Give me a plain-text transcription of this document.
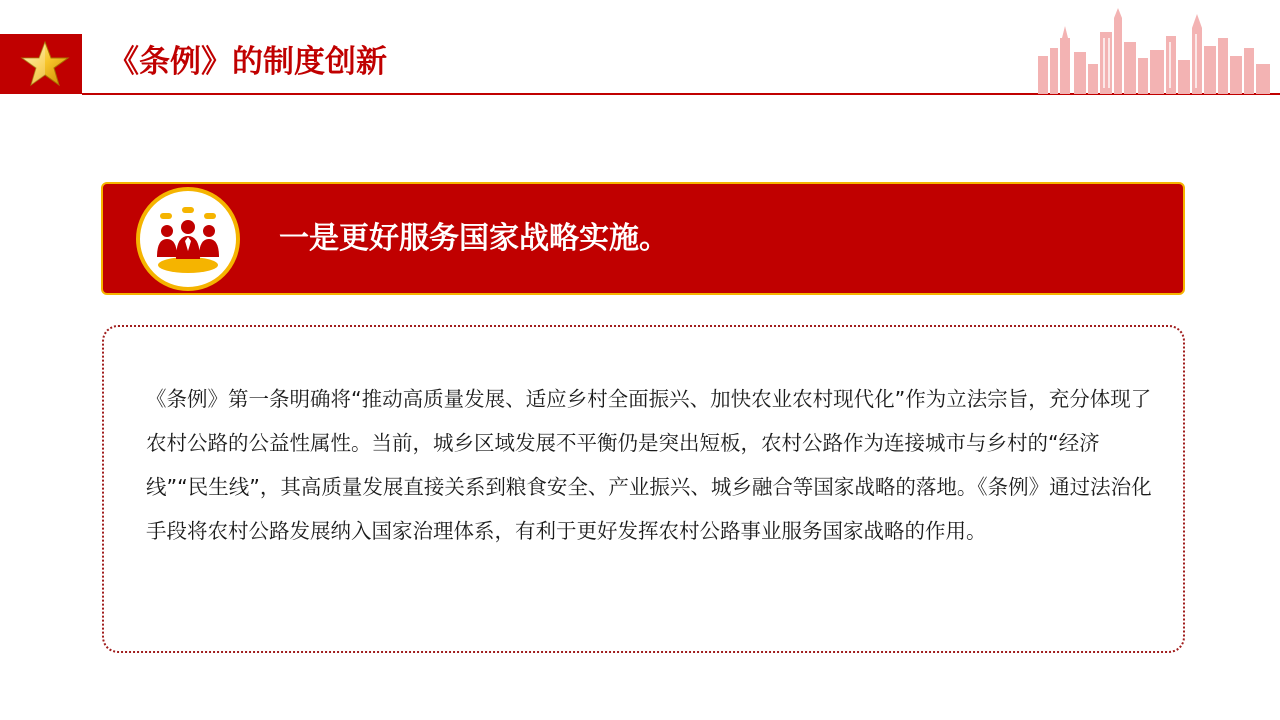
《条例》的制度创新
一是更好服务国家战略实施。

《条例》第一条明确将“推动高质量发展、适应乡村全面振兴、加快农业农村现代化”作为立法宗旨，充分体现了农村公路的公益性属性。当前，城乡区域发展不平衡仍是突出短板，农村公路作为连接城市与乡村的“经济线”“民生线”，其高质量发展直接关系到粮食安全、产业振兴、城乡融合等国家战略的落地。《条例》通过法治化手段将农村公路发展纳入国家治理体系，有利于更好发挥农村公路事业服务国家战略的作用。
